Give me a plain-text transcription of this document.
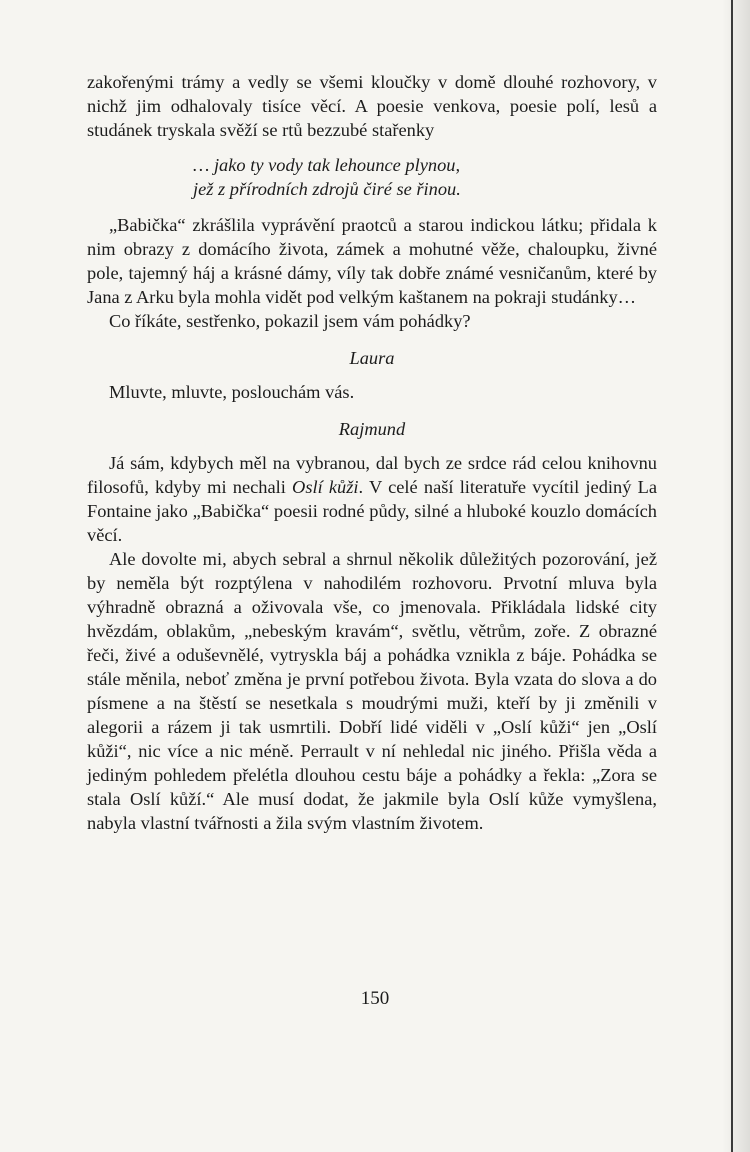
zakořenými trámy a vedly se všemi kloučky v domě dlouhé rozhovory, v nichž jim odhalovaly tisíce věcí. A poesie venkova, poesie polí, lesů a studánek tryskala svěží se rtů bezzubé stařenky

… jako ty vody tak lehounce plynou,
jež z přírodních zdrojů čiré se řinou.

„Babička“ zkrášlila vyprávění praotců a starou indickou látku; přidala k nim obrazy z domácího života, zámek a mohutné věže, chaloupku, živné pole, tajemný háj a krásné dámy, víly tak dobře známé vesničanům, které by Jana z Arku byla mohla vidět pod velkým kaštanem na pokraji studánky…

Co říkáte, sestřenko, pokazil jsem vám pohádky?

Laura

Mluvte, mluvte, poslouchám vás.

Rajmund

Já sám, kdybych měl na vybranou, dal bych ze srdce rád celou knihovnu filosofů, kdyby mi nechali Oslí kůži. V celé naší literatuře vycítil jediný La Fontaine jako „Babička“ poesii rodné půdy, silné a hluboké kouzlo domácích věcí.

Ale dovolte mi, abych sebral a shrnul několik důležitých pozorování, jež by neměla být rozptýlena v nahodilém rozhovoru. Prvotní mluva byla výhradně obrazná a oživovala vše, co jmenovala. Přikládala lidské city hvězdám, oblakům, „nebeským kravám“, světlu, větrům, zoře. Z obrazné řeči, živé a oduševnělé, vytryskla báj a pohádka vznikla z báje. Pohádka se stále měnila, neboť změna je první potřebou života. Byla vzata do slova a do písmene a na štěstí se nesetkala s moudrými muži, kteří by ji změnili v alegorii a rázem ji tak usmrtili. Dobří lidé viděli v „Oslí kůži“ jen „Oslí kůži“, nic více a nic méně. Perrault v ní nehledal nic jiného. Přišla věda a jediným pohledem přelétla dlouhou cestu báje a pohádky a řekla: „Zora se stala Oslí kůží.“ Ale musí dodat, že jakmile byla Oslí kůže vymyšlena, nabyla vlastní tvářnosti a žila svým vlastním životem.

150
